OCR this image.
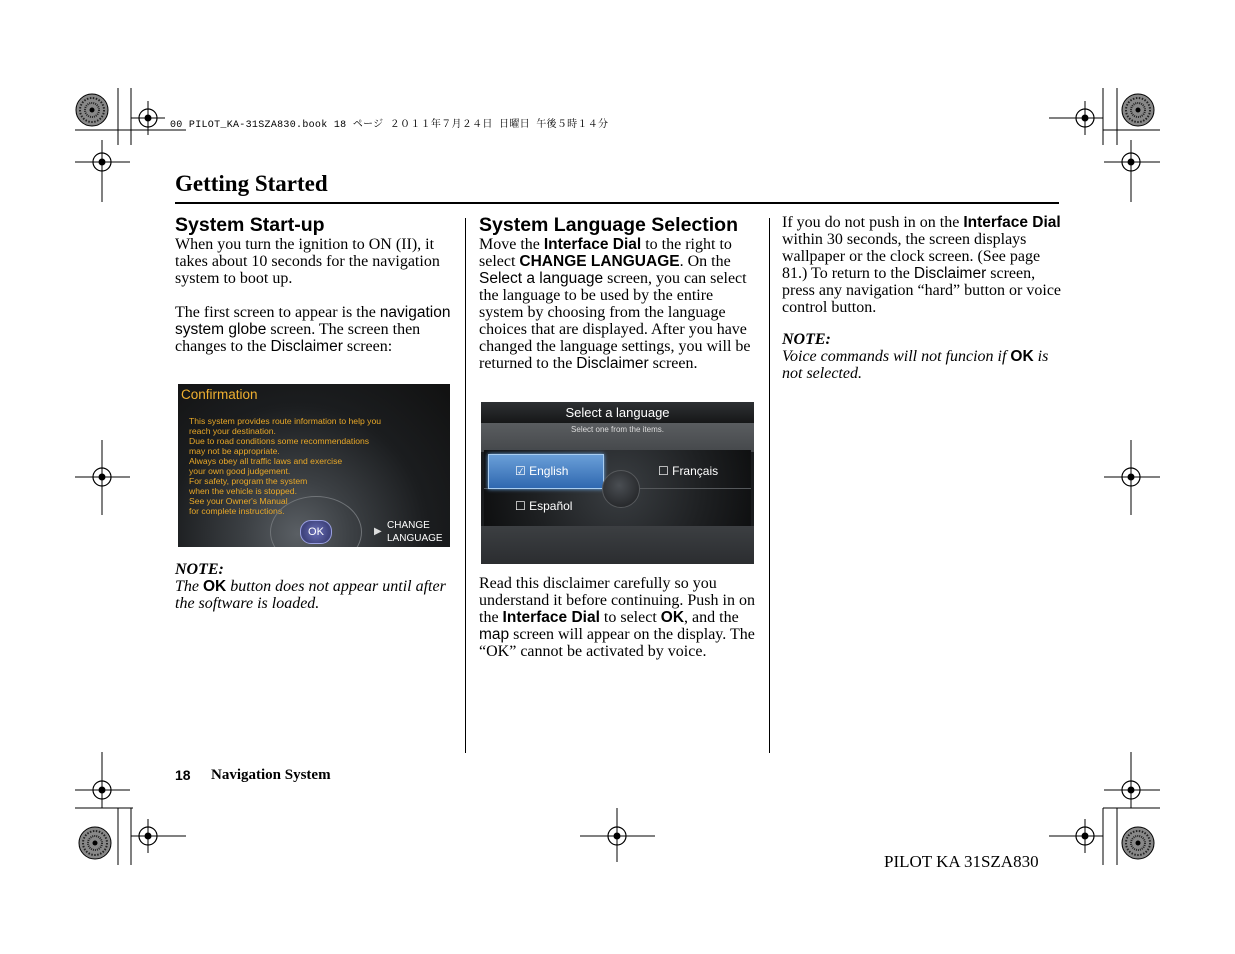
00 PILOT_KA-31SZA830.book 18 ページ ２０１１年７月２４日 日曜日 午後５時１４分
Getting Started
System Start-up

When you turn the ignition to ON (II), it takes about 10 seconds for the navigation system to boot up.

The first screen to appear is the navigation system globe screen. The screen then changes to the Disclaimer screen:

Confirmation
This system provides route information to help you
reach your destination.
Due to road conditions some recommendations
may not be appropriate.
Always obey all traffic laws and exercise
your own good judgement.
For safety, program the system
when the vehicle is stopped.
See your Owner's Manual
for complete instructions.
OK	▶
CHANGE
LANGUAGE

NOTE:

The OK button does not appear until after the software is loaded.

System Language Selection

Move the Interface Dial to the right to select CHANGE LANGUAGE. On the Select a language screen, you can select the language to be used by the entire system by choosing from the language choices that are displayed. After you have changed the language settings, you will be returned to the Disclaimer screen.

Select a language
Select one from the items.
☑ English	☐ Français
☐ Español

Read this disclaimer carefully so you understand it before continuing. Push in on the Interface Dial to select OK, and the map screen will appear on the display. The “OK” cannot be activated by voice.

If you do not push in on the Interface Dial within 30 seconds, the screen displays wallpaper or the clock screen. (See page 81.) To return to the Disclaimer screen, press any navigation “hard” button or voice control button.

NOTE:

Voice commands will not funcion if OK is not selected.

18 Navigation System
PILOT KA 31SZA830
